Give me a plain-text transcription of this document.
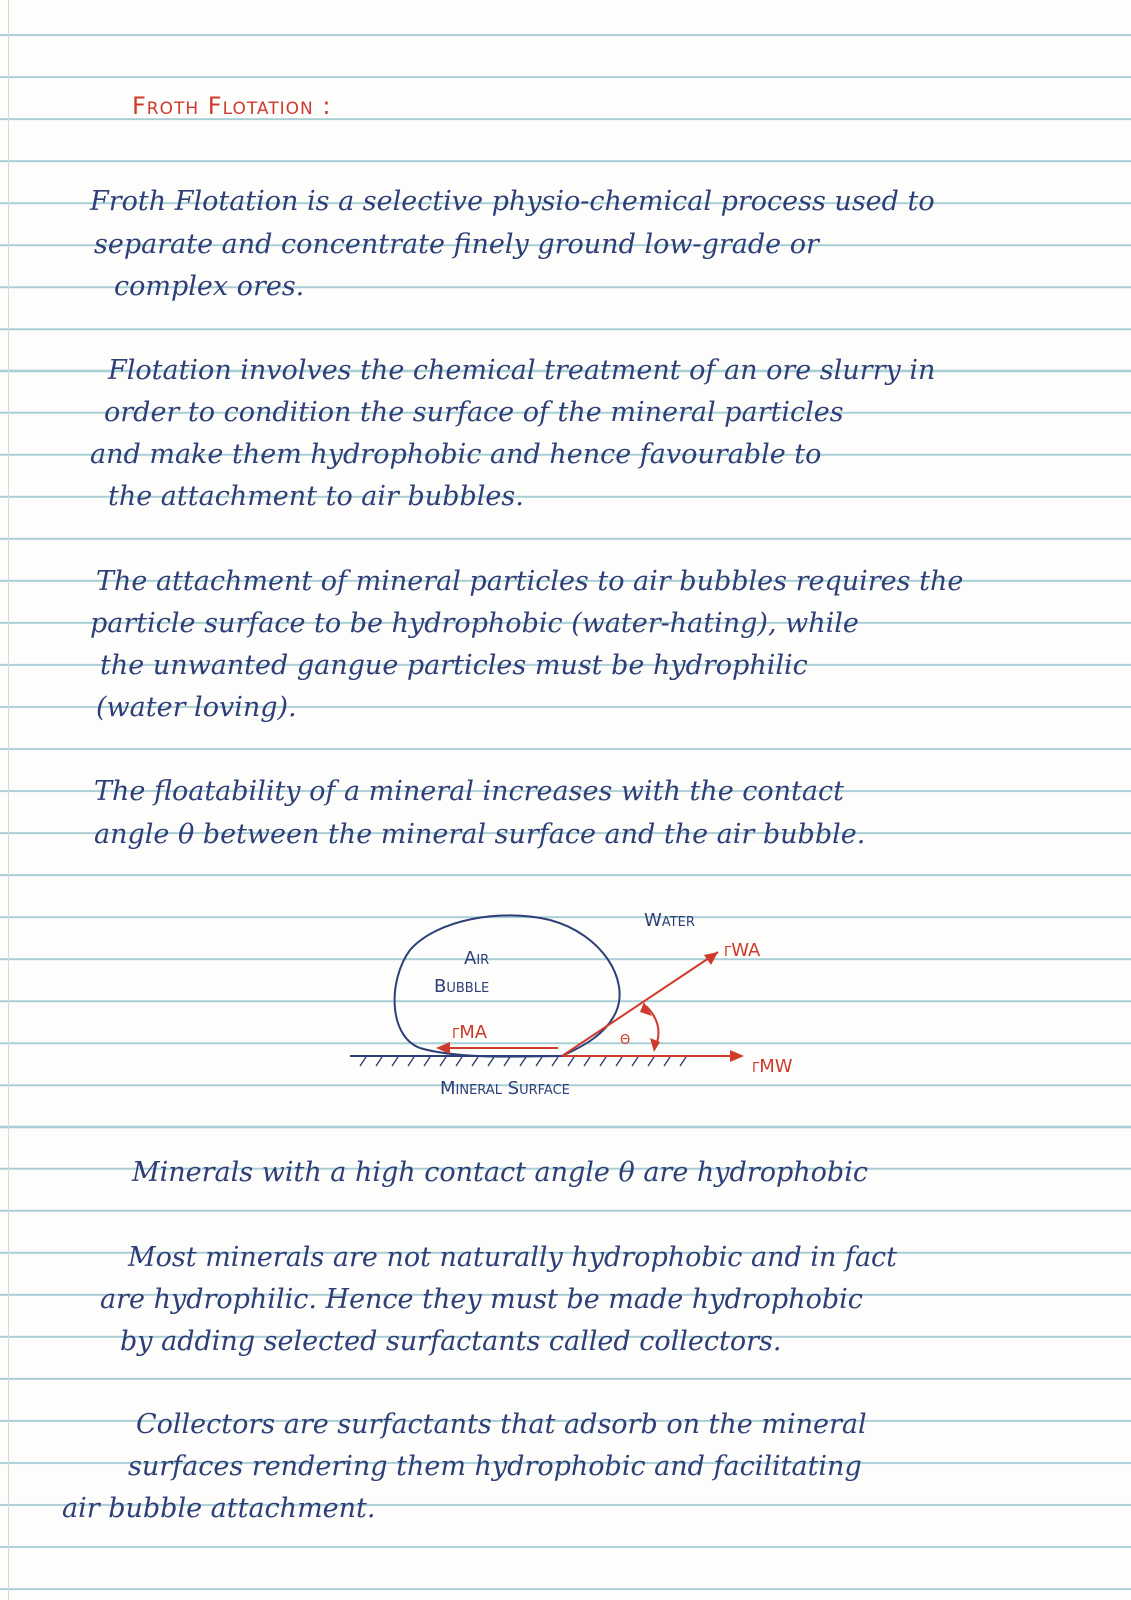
Froth Flotation :
Froth Flotation is a selective physio-chemical process used to
separate and concentrate finely ground low-grade or
complex ores.
Flotation involves the chemical treatment of an ore slurry in
order to condition the surface of the mineral particles
and make them hydrophobic and hence favourable to
the attachment to air bubbles.
The attachment of mineral particles to air bubbles requires the
particle surface to be hydrophobic (water-hating), while
the unwanted gangue particles must be hydrophilic
(water loving).
The floatability of a mineral increases with the contact
angle θ between the mineral surface and the air bubble.
Water
Air
Bubble
γMA
γWA
γMW
θ
Mineral Surface
Minerals with a high contact angle θ are hydrophobic
Most minerals are not naturally hydrophobic and in fact
are hydrophilic. Hence they must be made hydrophobic
by adding selected surfactants called collectors.
Collectors are surfactants that adsorb on the mineral
surfaces rendering them hydrophobic and facilitating
air bubble attachment.
